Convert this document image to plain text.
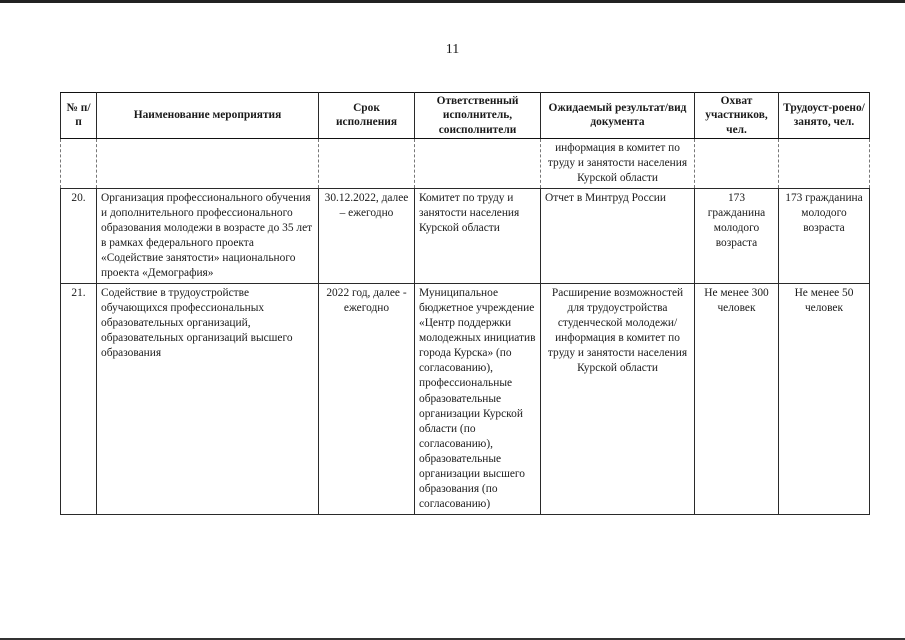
11
№ п/п	Наименование мероприятия	Срок исполнения	Ответственный исполнитель, соисполнители	Ожидаемый результат/вид документа	Охват участников, чел.	Трудоуст-роено/занято, чел.
				информация в комитет по труду и занятости населения Курской области		
20.	Организация профессионального обучения и дополнительного профессионального образования молодежи в возрасте до 35 лет в рамках федерального проекта «Содействие занятости» национального проекта «Демография»	30.12.2022, далее – ежегодно	Комитет по труду и занятости населения Курской области	Отчет в Минтруд России	173 гражданина молодого возраста	173 гражданина молодого возраста
21.	Содействие в трудоустройстве обучающихся профессиональных образовательных организаций, образовательных организаций высшего образования	2022 год, далее - ежегодно	Муниципальное бюджетное учреждение «Центр поддержки молодежных инициатив города Курска» (по согласованию), профессиональные образовательные организации Курской области (по согласованию), образовательные организации высшего образования (по согласованию)	Расширение возможностей для трудоустройства студенческой молодежи/ информация в комитет по труду и занятости населения Курской области	Не менее 300 человек	Не менее 50 человек
